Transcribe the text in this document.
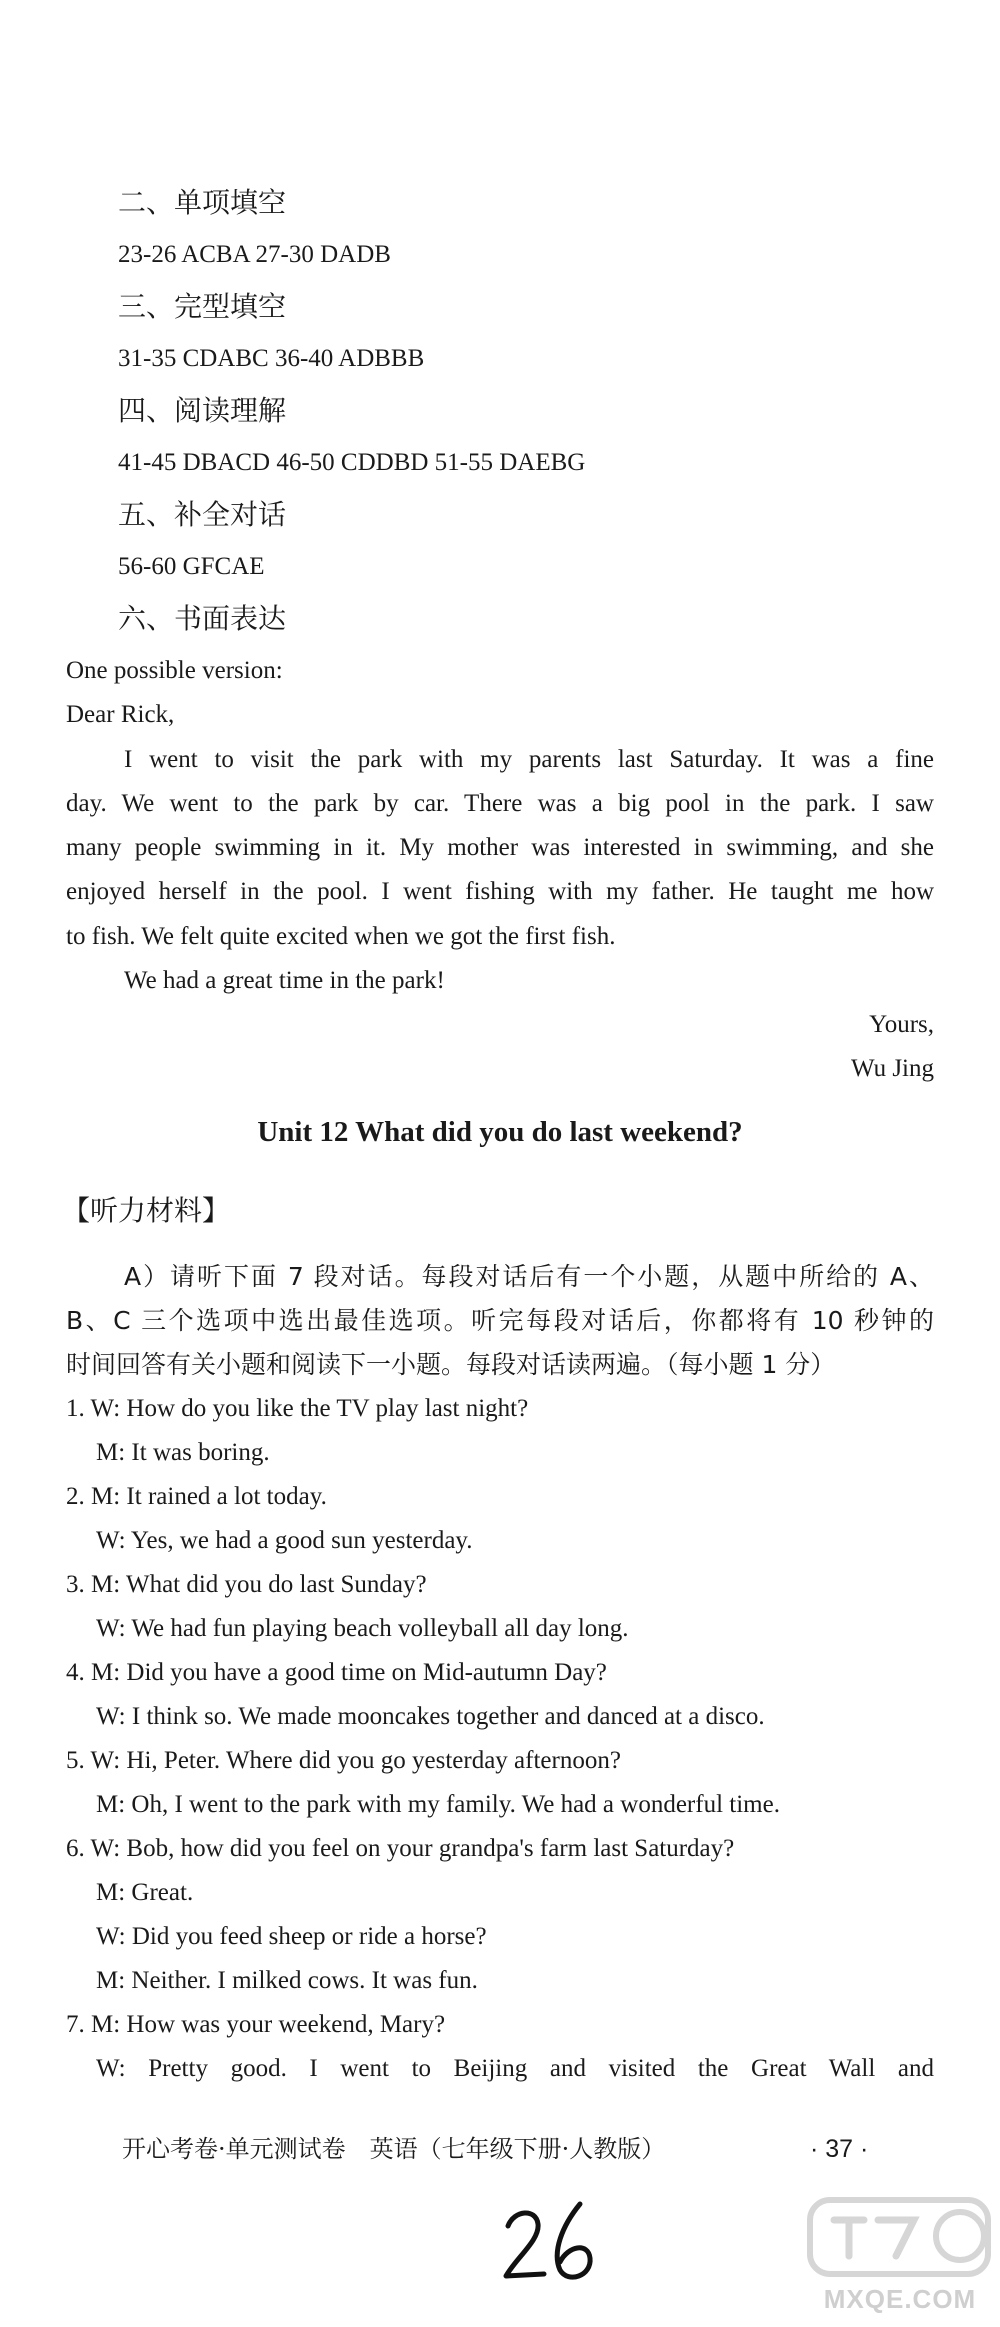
二、单项填空
23-26 ACBA 27-30 DADB
三、完型填空
31-35 CDABC 36-40 ADBBB
四、阅读理解
41-45 DBACD 46-50 CDDBD 51-55 DAEBG
五、补全对话
56-60 GFCAE
六、书面表达
One possible version:
Dear Rick,
I went to visit the park with my parents last Saturday. It was a fine
day. We went to the park by car. There was a big pool in the park. I saw
many people swimming in it. My mother was interested in swimming, and she
enjoyed herself in the pool. I went fishing with my father. He taught me how
to fish. We felt quite excited when we got the first fish.
We had a great time in the park!
Yours,
Wu Jing
Unit 12 What did you do last weekend?
【听力材料】
A）请听下面 7 段对话。每段对话后有一个小题，从题中所给的 A、
B、C 三个选项中选出最佳选项。听完每段对话后，你都将有 10 秒钟的
时间回答有关小题和阅读下一小题。每段对话读两遍。（每小题 1 分）
1. W: How do you like the TV play last night?
M: It was boring.
2. M: It rained a lot today.
W: Yes, we had a good sun yesterday.
3. M: What did you do last Sunday?
W: We had fun playing beach volleyball all day long.
4. M: Did you have a good time on Mid-autumn Day?
W: I think so. We made mooncakes together and danced at a disco.
5. W: Hi, Peter. Where did you go yesterday afternoon?
M: Oh, I went to the park with my family. We had a wonderful time.
6. W: Bob, how did you feel on your grandpa's farm last Saturday?
M: Great.
W: Did you feed sheep or ride a horse?
M: Neither. I milked cows. It was fun.
7. M: How was your weekend, Mary?
W: Pretty good. I went to Beijing and visited the Great Wall and
开心考卷·单元测试卷　英语（七年级下册·人教版）	· 37 ·
MXQE.COM
